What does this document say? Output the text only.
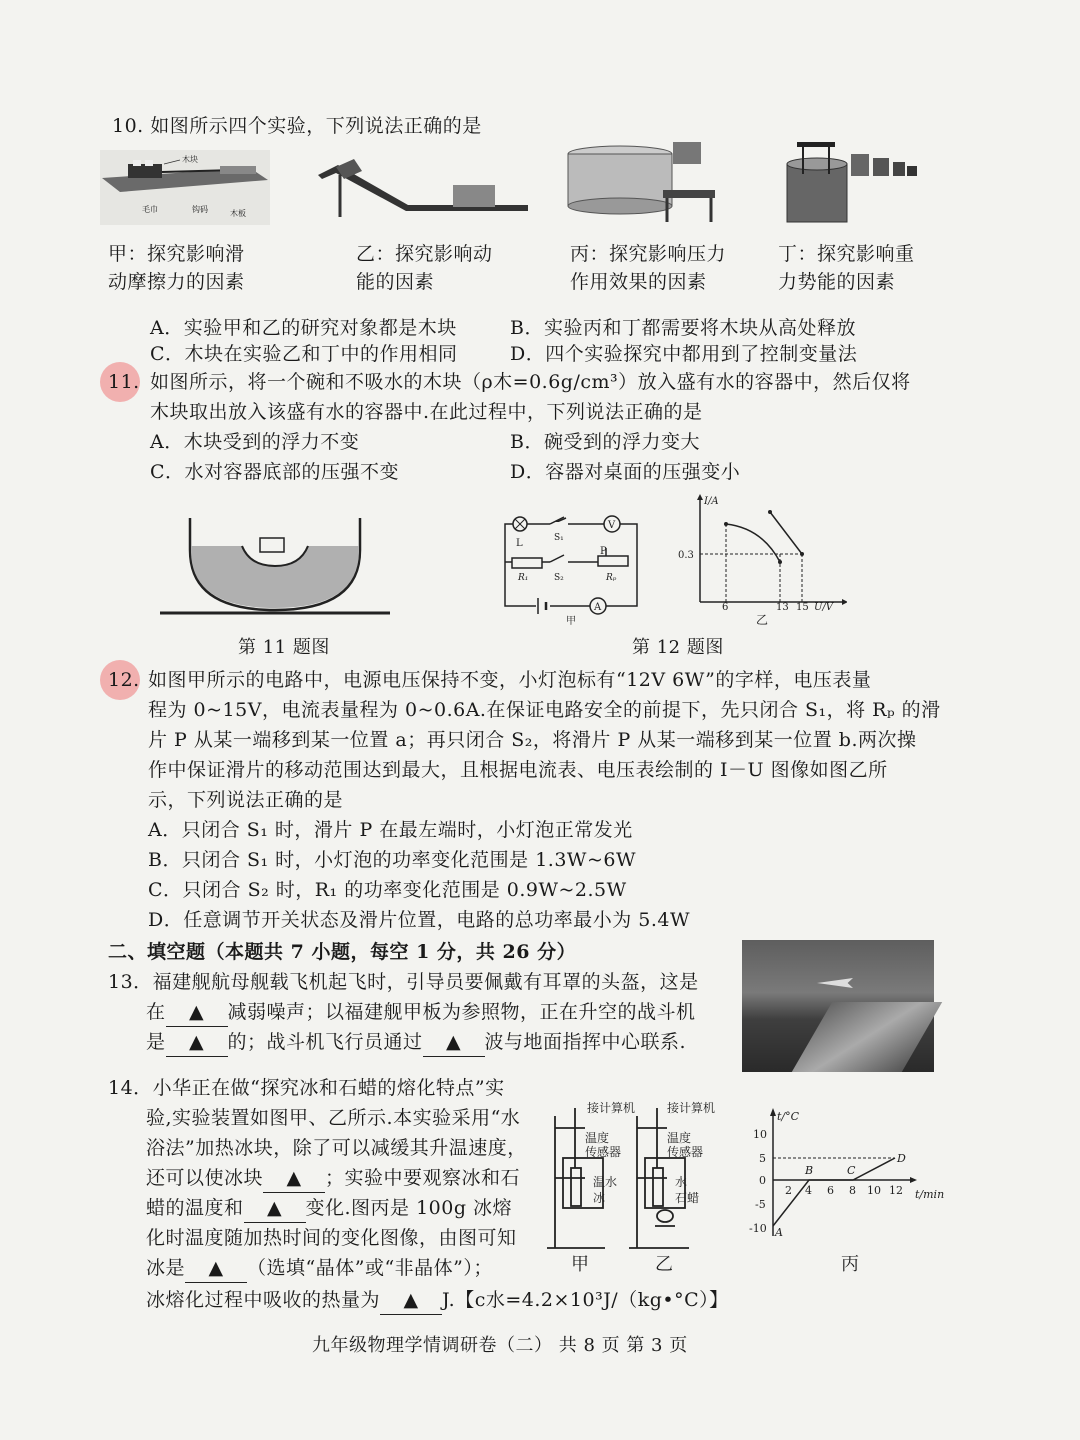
10. 如图所示四个实验，下列说法正确的是
木块
毛巾	钩码	木板
甲：探究影响滑
动摩擦力的因素
乙：探究影响动
能的因素
丙：探究影响压力
作用效果的因素
丁：探究影响重
力势能的因素
A．实验甲和乙的研究对象都是木块	B．实验丙和丁都需要将木块从高处释放
C．木块在实验乙和丁中的作用相同	D．四个实验探究中都用到了控制变量法
11. 如图所示，将一个碗和不吸水的木块（ρ木=0.6g/cm³）放入盛有水的容器中，然后仅将
木块取出放入该盛有水的容器中.在此过程中，下列说法正确的是
A．木块受到的浮力不变	B．碗受到的浮力变大
C．水对容器底部的压强不变	D．容器对桌面的压强变小
第 11 题图
V
A
L	S₁
S₂
P
R₁	Rₚ
甲
I/A
U/V
0.3
6	13 15
乙
第 12 题图
12. 如图甲所示的电路中，电源电压保持不变，小灯泡标有“12V 6W”的字样，电压表量
程为 0~15V，电流表量程为 0~0.6A.在保证电路安全的前提下，先只闭合 S₁，将 Rₚ 的滑
片 P 从某一端移到某一位置 a；再只闭合 S₂，将滑片 P 从某一端移到某一位置 b.两次操
作中保证滑片的移动范围达到最大，且根据电流表、电压表绘制的 I－U 图像如图乙所
示，下列说法正确的是
A．只闭合 S₁ 时，滑片 P 在最左端时，小灯泡正常发光
B．只闭合 S₁ 时，小灯泡的功率变化范围是 1.3W~6W
C．只闭合 S₂ 时，R₁ 的功率变化范围是 0.9W~2.5W
D．任意调节开关状态及滑片位置，电路的总功率最小为 5.4W
二、填空题（本题共 7 小题，每空 1 分，共 26 分）
13．福建舰航母舰载飞机起飞时，引导员要佩戴有耳罩的头盔，这是
在 ▲ 减弱噪声；以福建舰甲板为参照物，正在升空的战斗机
是 ▲ 的；战斗机飞行员通过 ▲ 波与地面指挥中心联系.
14．小华正在做“探究冰和石蜡的熔化特点”实
验,实验装置如图甲、乙所示.本实验采用“水
浴法”加热冰块，除了可以减缓其升温速度，
还可以使冰块 ▲ ；实验中要观察冰和石
蜡的温度和 ▲ 变化.图丙是 100g 冰熔
化时温度随加热时间的变化图像，由图可知
冰是 ▲ （选填“晶体”或“非晶体”）；
冰熔化过程中吸收的热量为 ▲ J.【c水=4.2×10³J/（kg•°C）】
接计算机
温度
传感器
温水
冰
接计算机
温度
传感器
水
石蜡
甲	乙
t/°C
t/min
10
5
0
-5
-10
2 4 6 8 10 12
A
B	C
D
丙
九年级物理学情调研卷（二） 共 8 页 第 3 页
